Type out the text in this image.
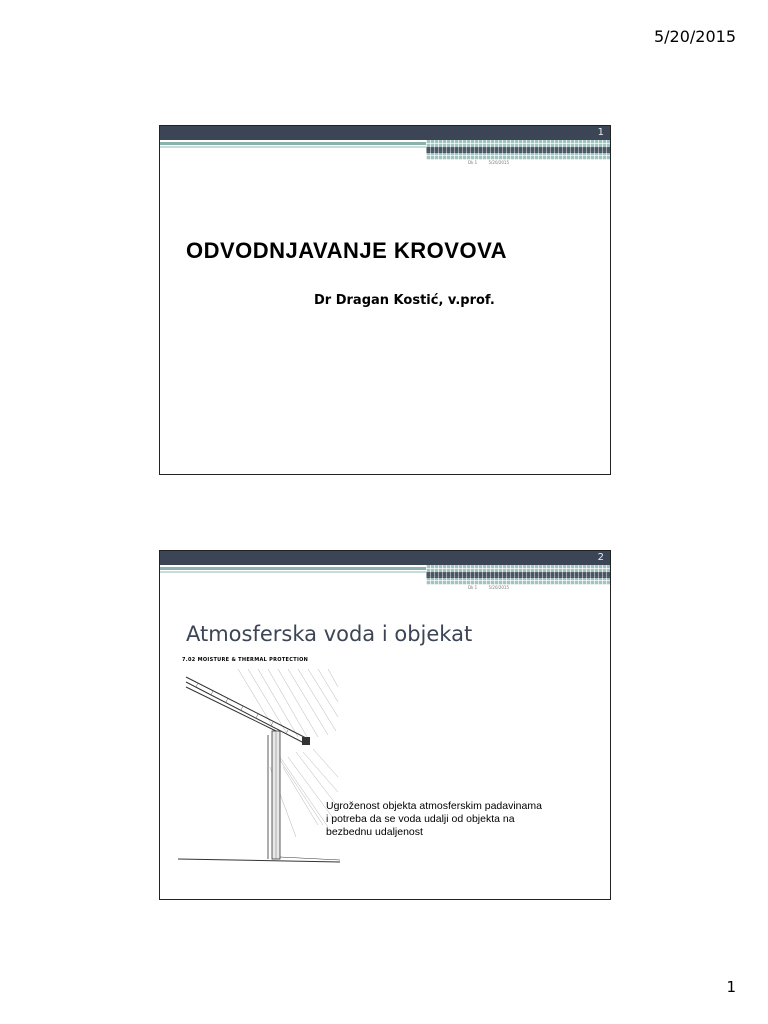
5/20/2015
1
Dk 1	5/20/2015
ODVODNJAVANJE KROVOVA
Dr Dragan Kostić, v.prof.
2
Dk 1	5/20/2015
Atmosferska voda i objekat
7.02 MOISTURE & THERMAL PROTECTION
Ugroženost objekta atmosferskim padavinama
i potreba da se voda udalji od objekta na
bezbednu udaljenost
1
